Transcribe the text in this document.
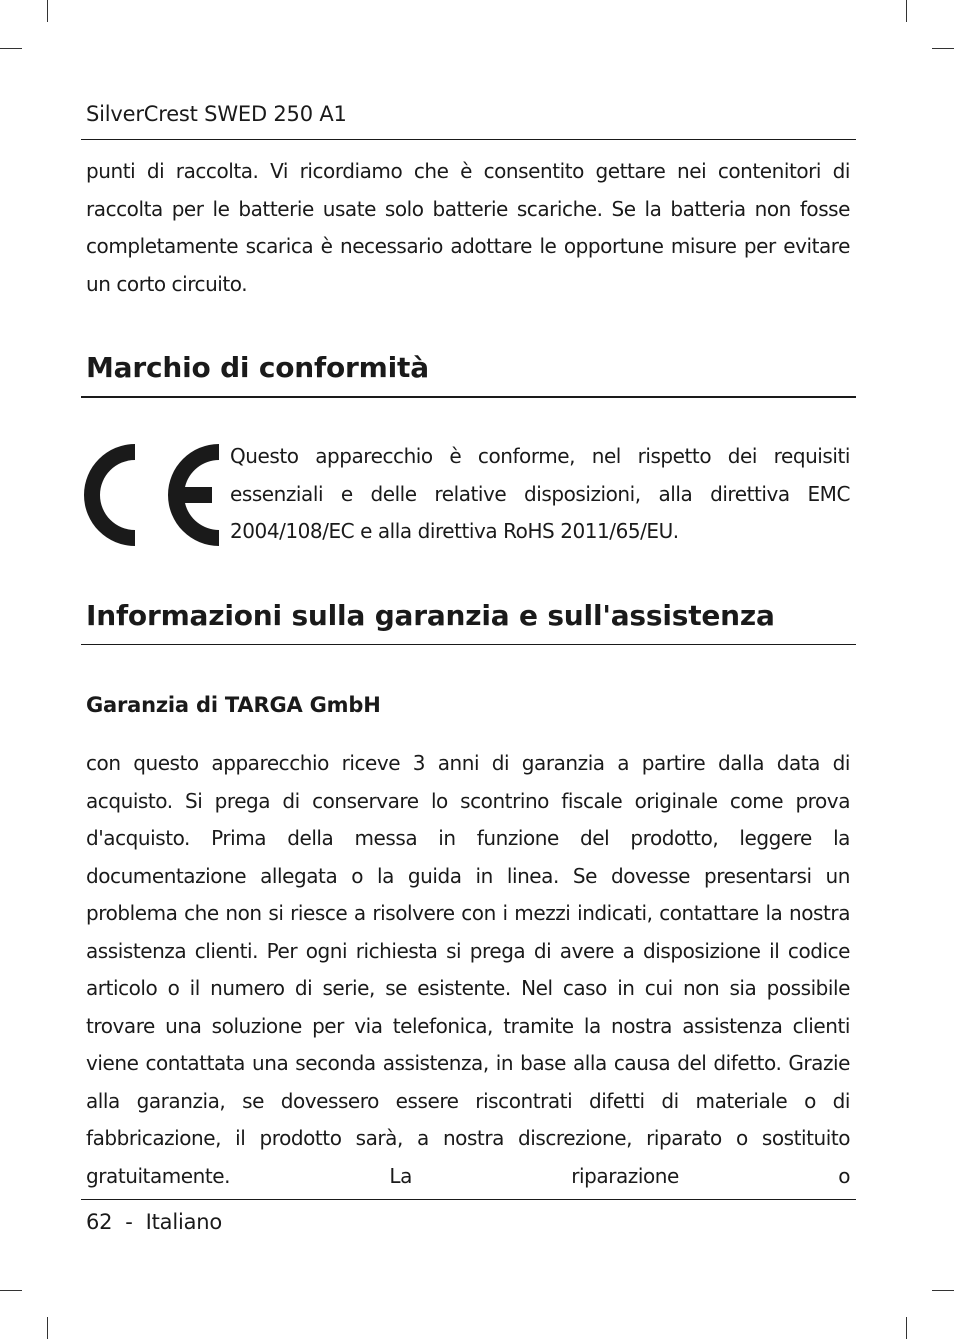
SilverCrest SWED 250 A1

punti di raccolta. Vi ricordiamo che è consentito gettare nei contenitori di raccolta per le batterie usate solo batterie scariche. Se la batteria non fosse completamente scarica è necessario adottare le opportune misure per evitare un corto circuito.

Marchio di conformità

Questo apparecchio è conforme, nel rispetto dei requisiti essenziali e delle relative disposizioni, alla direttiva EMC 2004/108/EC e alla direttiva RoHS 2011/65/EU.

Informazioni sulla garanzia e sull'assistenza
Garanzia di TARGA GmbH

con questo apparecchio riceve 3 anni di garanzia a partire dalla data di acquisto. Si prega di conservare lo scontrino fiscale originale come prova d'acquisto. Prima della messa in funzione del prodotto, leggere la documentazione allegata o la guida in linea. Se dovesse presentarsi un problema che non si riesce a risolvere con i mezzi indicati, contattare la nostra assistenza clienti. Per ogni richiesta si prega di avere a disposizione il codice articolo o il numero di serie, se esistente. Nel caso in cui non sia possibile trovare una soluzione per via telefonica, tramite la nostra assistenza clienti viene contattata una seconda assistenza, in base alla causa del difetto. Grazie alla garanzia, se dovessero essere riscontrati difetti di materiale o di fabbricazione, il prodotto sarà, a nostra discrezione, riparato o sostituito gratuitamente. La riparazione o

62 - Italiano
